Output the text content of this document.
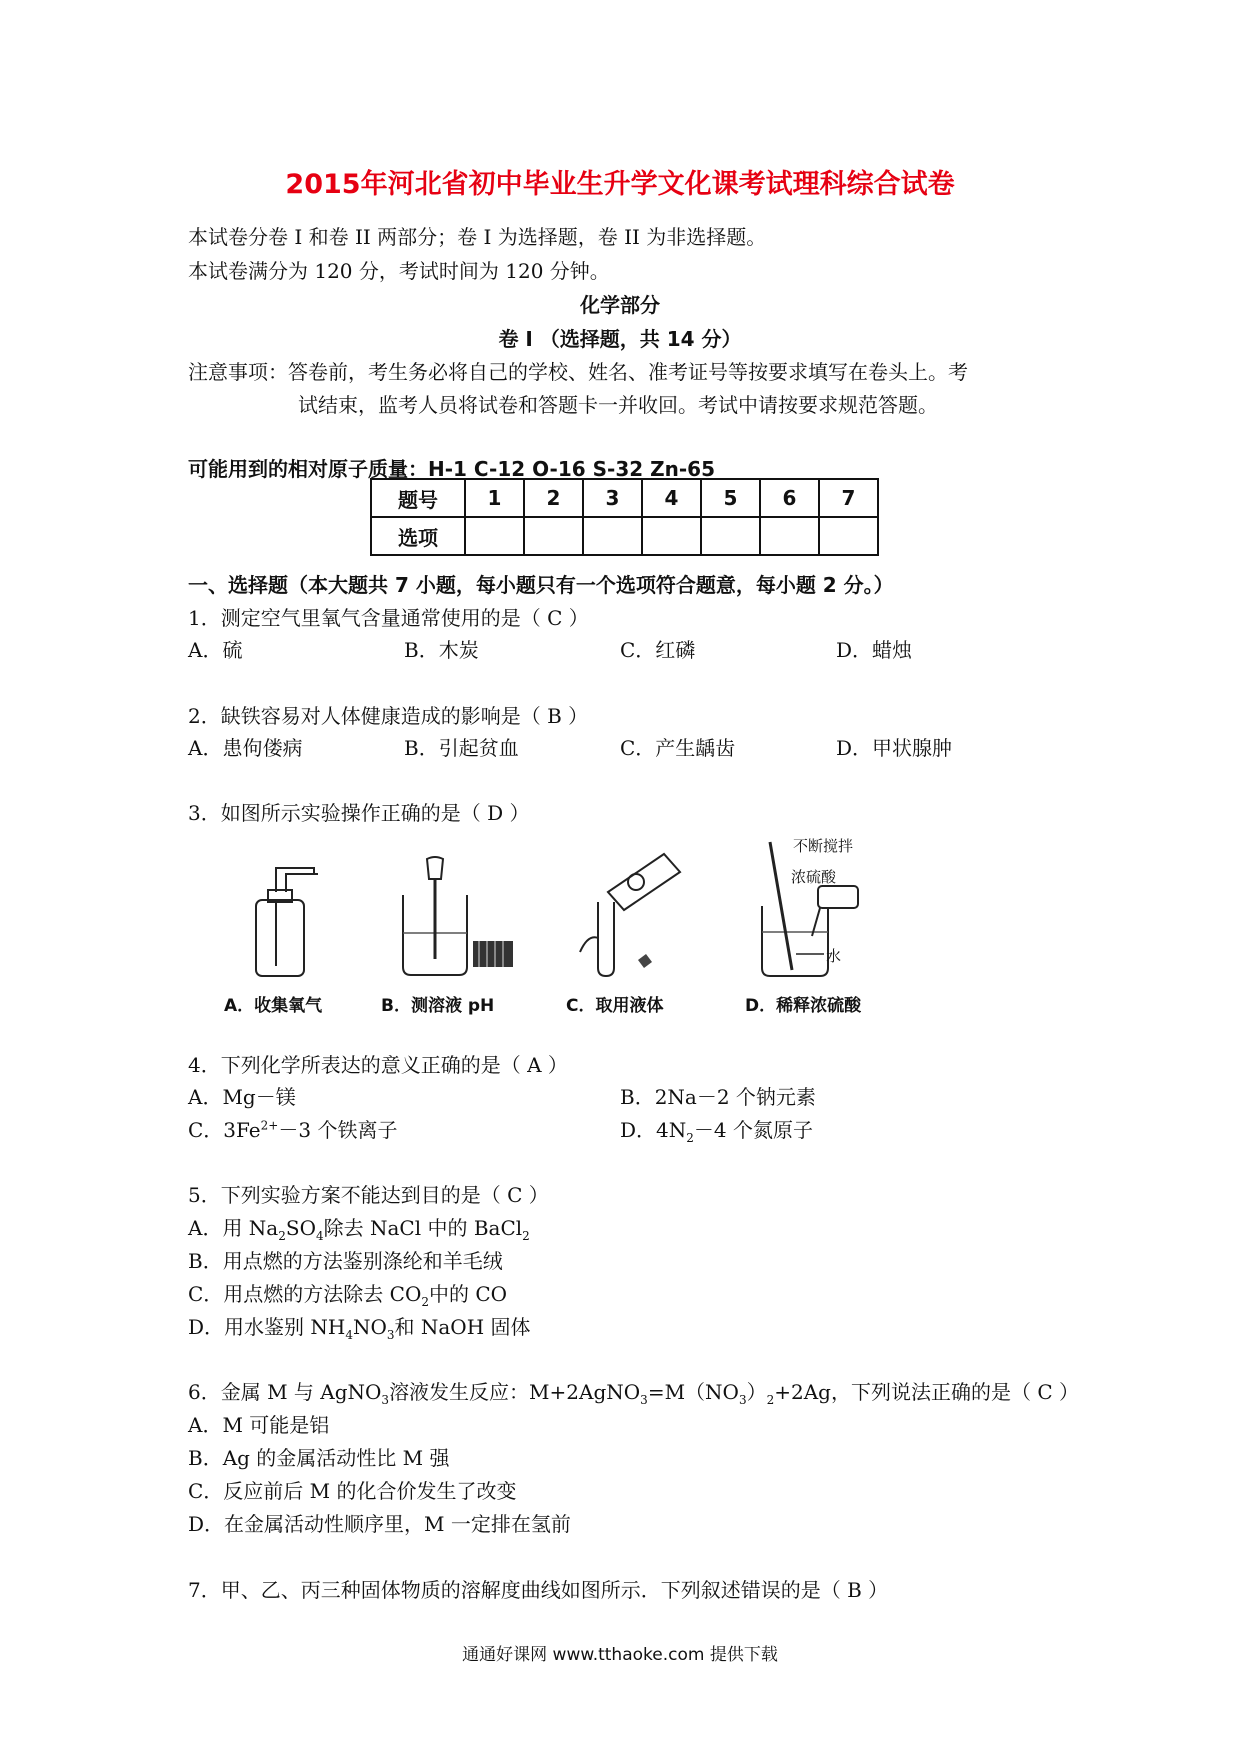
2015年河北省初中毕业生升学文化课考试理科综合试卷
本试卷分卷 I 和卷 II 两部分；卷 I 为选择题，卷 II 为非选择题。
本试卷满分为 120 分，考试时间为 120 分钟。
化学部分
卷 I （选择题，共 14 分）
注意事项：答卷前，考生务必将自己的学校、姓名、准考证号等按要求填写在卷头上。考
试结束，监考人员将试卷和答题卡一并收回。考试中请按要求规范答题。
可能用到的相对原子质量：H-1 C-12 O-16 S-32 Zn-65
题号	1	2	3	4	5	6	7
选项							
一、选择题（本大题共 7 小题，每小题只有一个选项符合题意，每小题 2 分。）
1．测定空气里氧气含量通常使用的是（ C ）
A．硫	B．木炭	C．红磷	D．蜡烛
2．缺铁容易对人体健康造成的影响是（ B ）
A．患佝偻病	B．引起贫血	C．产生龋齿	D．甲状腺肿
3．如图所示实验操作正确的是（ D ）
不断搅拌
浓硫酸
水
A．收集氧气	B．测溶液 pH	C．取用液体	D．稀释浓硫酸
4．下列化学所表达的意义正确的是（ A ）
A．Mg－镁	B．2Na－2 个钠元素
C．$3Fe^{2+}-3$ 个铁离子	D．$4N_2-4$ 个氮原子
5．下列实验方案不能达到目的是（ C ）
A．用 $Na_2SO_4$除去 NaCl 中的 BaCl$_2$
B．用点燃的方法鉴别涤纶和羊毛绒
C．用点燃的方法除去 $CO_2$中的 CO
D．用水鉴别 $NH_4NO_3$和 NaOH 固体
6．金属 M 与 AgNO$_3$溶液发生反应：$M+2AgNO_3=M(NO_3)_2+2Ag$，下列说法正确的是（ C ）
A．M 可能是铝
B．Ag 的金属活动性比 M 强
C．反应前后 M 的化合价发生了改变
D．在金属活动性顺序里，M 一定排在氢前
7．甲、乙、丙三种固体物质的溶解度曲线如图所示．下列叙述错误的是（ B ）
通通好课网 www.tthaoke.com 提供下载
